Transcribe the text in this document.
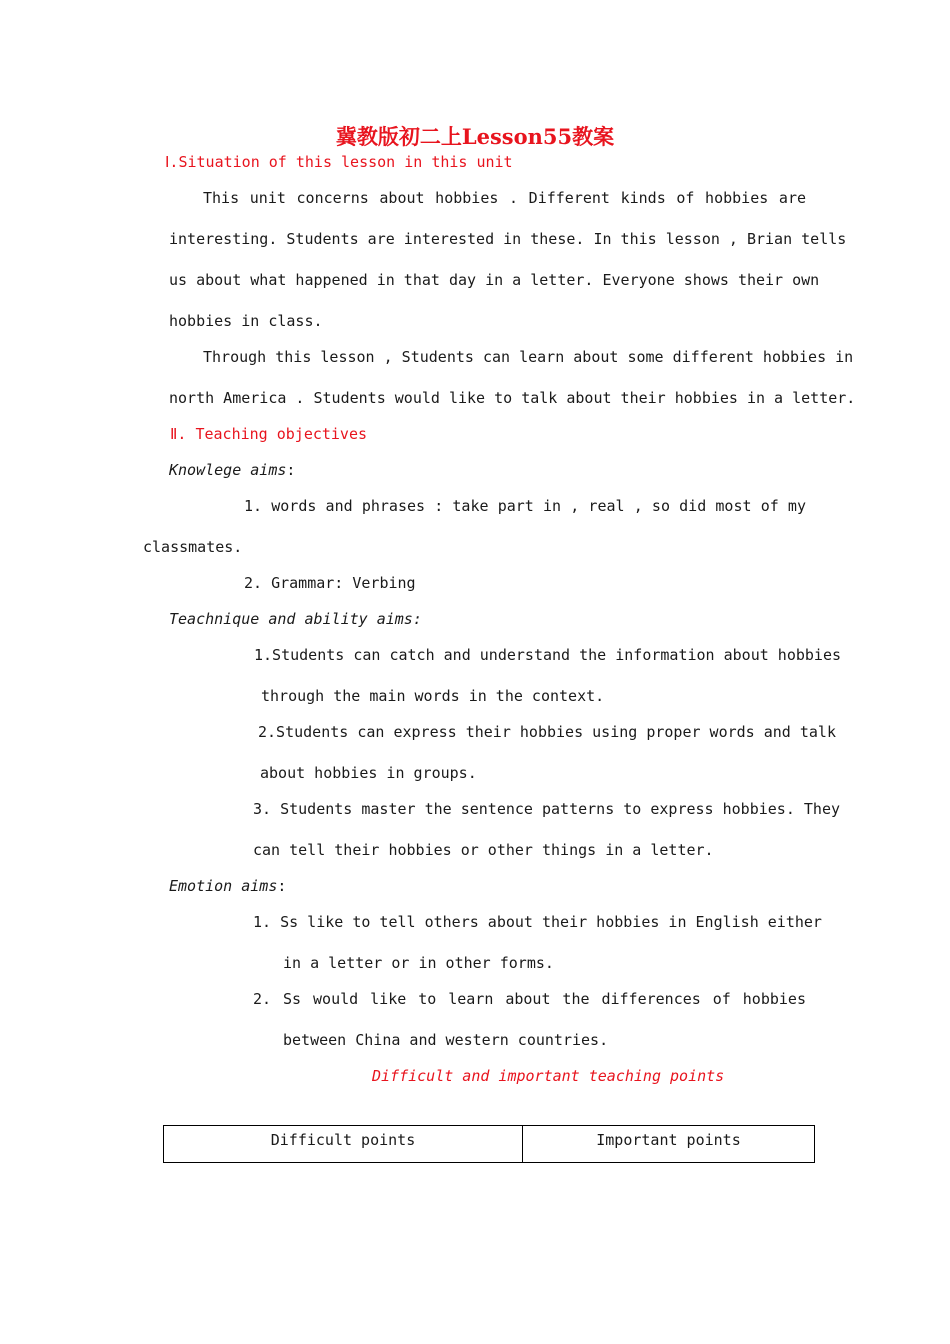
冀教版初二上Lesson55教案
Ⅰ.Situation of this lesson in this unit
This unit concerns about hobbies . Different kinds of hobbies are
interesting. Students are interested in these. In this lesson , Brian tells
us about what happened in that day in a letter. Everyone shows their own
hobbies in class.
Through this lesson , Students can learn about some different hobbies in
north America . Students would like to talk about their hobbies in a letter.
Ⅱ. Teaching objectives
Knowlege aims:
1. words and phrases : take part in , real , so did most of my
classmates.
2. Grammar: Verbing
Teachnique and ability aims:
1.Students can catch and understand the information about hobbies
through the main words in the context.
2.Students can express their hobbies using proper words and talk
about hobbies in groups.
3. Students master the sentence patterns to express hobbies. They
can tell their hobbies or other things in a letter.
Emotion aims:
1. Ss like to tell others about their hobbies in English either
in a letter or in other forms.
2. Ss would like to learn about the differences of hobbies
between China and western countries.
Difficult and important teaching points
Difficult points	Important points
